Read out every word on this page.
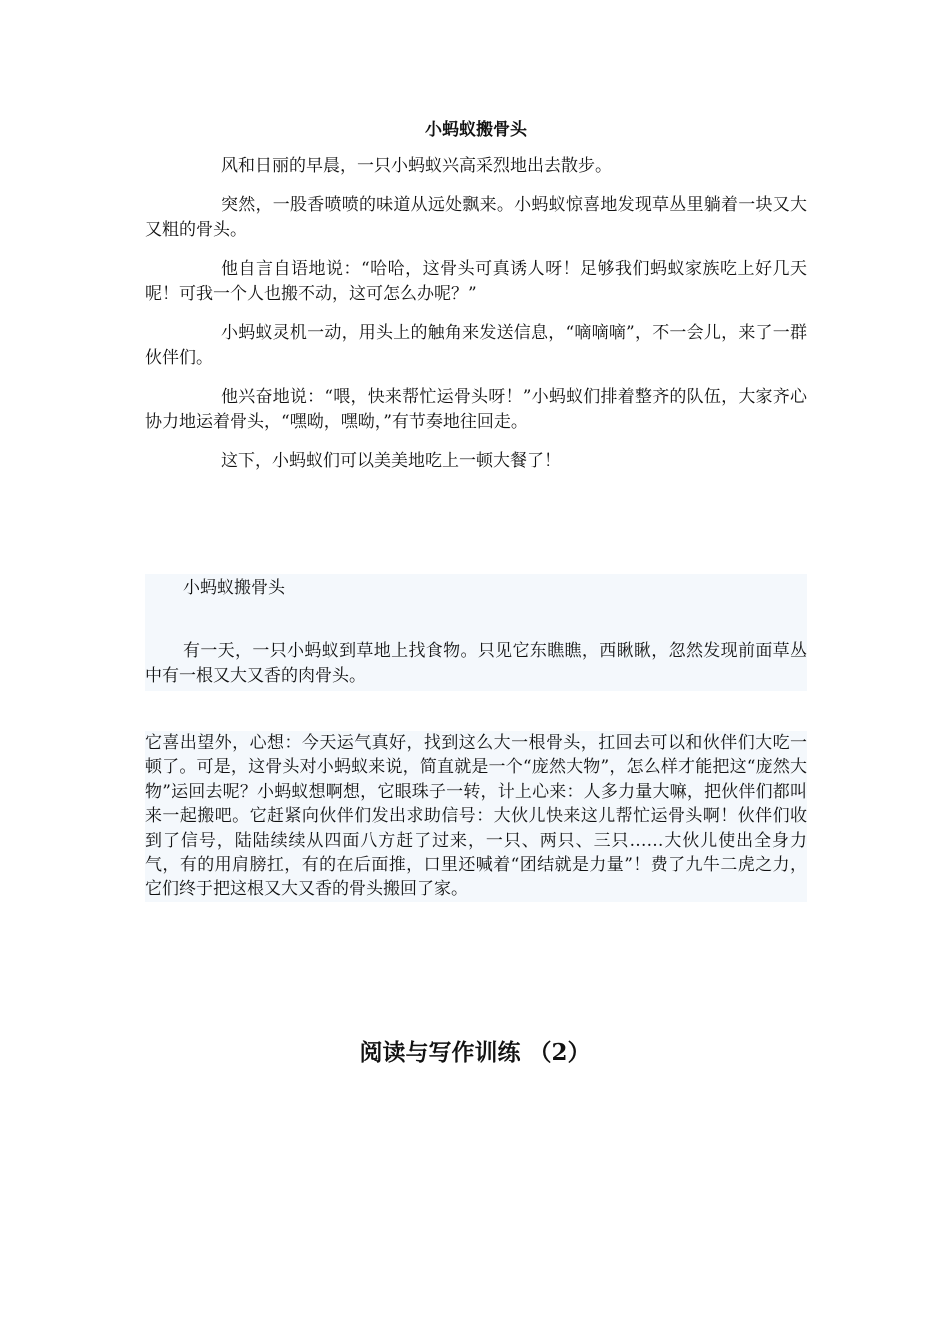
小蚂蚁搬骨头

风和日丽的早晨，一只小蚂蚁兴高采烈地出去散步。

突然，一股香喷喷的味道从远处飘来。小蚂蚁惊喜地发现草丛里躺着一块又大又粗的骨头。

他自言自语地说：“哈哈，这骨头可真诱人呀！足够我们蚂蚁家族吃上好几天呢！可我一个人也搬不动，这可怎么办呢？”

小蚂蚁灵机一动，用头上的触角来发送信息，“嘀嘀嘀”，不一会儿，来了一群伙伴们。

他兴奋地说：“喂，快来帮忙运骨头呀！”小蚂蚁们排着整齐的队伍，大家齐心协力地运着骨头，“嘿呦，嘿呦，”有节奏地往回走。

这下，小蚂蚁们可以美美地吃上一顿大餐了！

小蚂蚁搬骨头

有一天，一只小蚂蚁到草地上找食物。只见它东瞧瞧，西瞅瞅，忽然发现前面草丛中有一根又大又香的肉骨头。

它喜出望外，心想：今天运气真好，找到这么大一根骨头，扛回去可以和伙伴们大吃一顿了。可是，这骨头对小蚂蚁来说，简直就是一个“庞然大物”，怎么样才能把这“庞然大物”运回去呢？小蚂蚁想啊想，它眼珠子一转，计上心来：人多力量大嘛，把伙伴们都叫来一起搬吧。它赶紧向伙伴们发出求助信号：大伙儿快来这儿帮忙运骨头啊！伙伴们收到了信号，陆陆续续从四面八方赶了过来，一只、两只、三只……大伙儿使出全身力气，有的用肩膀扛，有的在后面推，口里还喊着“团结就是力量”！费了九牛二虎之力，它们终于把这根又大又香的骨头搬回了家。

阅读与写作训练 （2）
